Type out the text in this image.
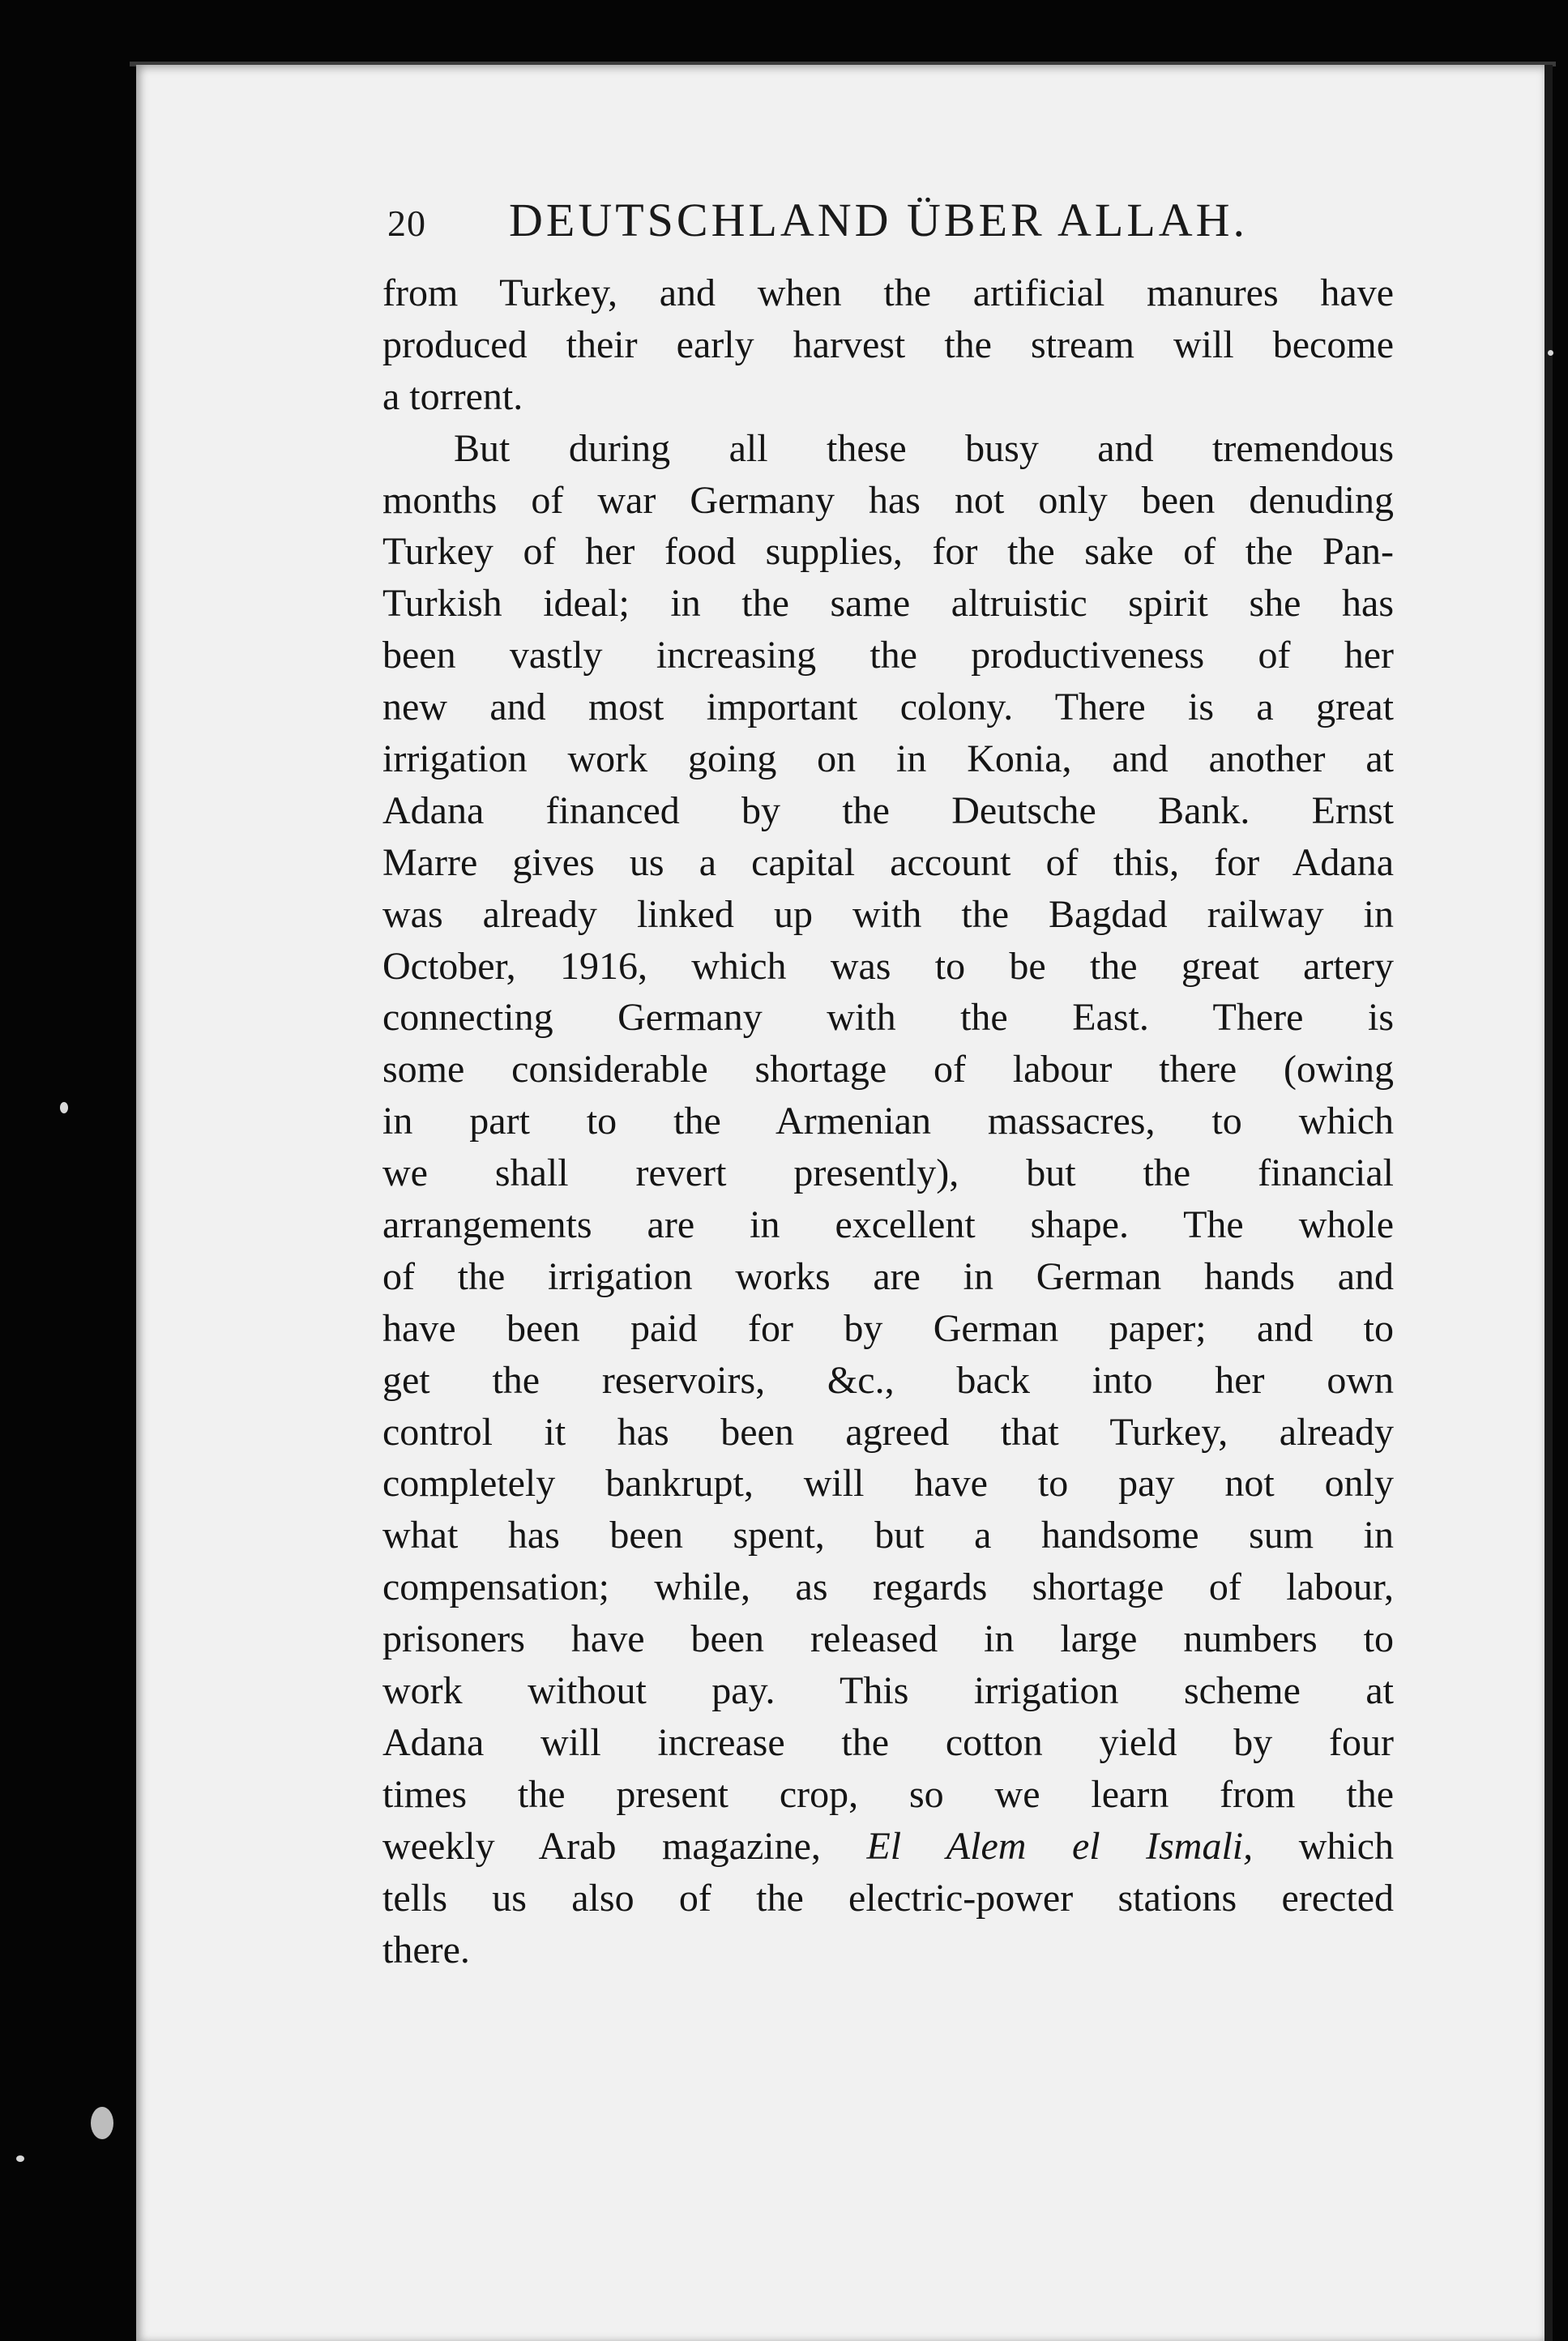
20 DEUTSCHLAND ÜBER ALLAH.
from Turkey, and when the artificial manures have
produced their early harvest the stream will become
a torrent.
But during all these busy and tremendous
months of war Germany has not only been denuding
Turkey of her food supplies, for the sake of the Pan-
Turkish ideal; in the same altruistic spirit she has
been vastly increasing the productiveness of her
new and most important colony. There is a great
irrigation work going on in Konia, and another at
Adana financed by the Deutsche Bank. Ernst
Marre gives us a capital account of this, for Adana
was already linked up with the Bagdad railway in
October, 1916, which was to be the great artery
connecting Germany with the East. There is
some considerable shortage of labour there (owing
in part to the Armenian massacres, to which
we shall revert presently), but the financial
arrangements are in excellent shape. The whole
of the irrigation works are in German hands and
have been paid for by German paper; and to
get the reservoirs, &c., back into her own
control it has been agreed that Turkey, already
completely bankrupt, will have to pay not only
what has been spent, but a handsome sum in
compensation; while, as regards shortage of labour,
prisoners have been released in large numbers to
work without pay. This irrigation scheme at
Adana will increase the cotton yield by four
times the present crop, so we learn from the
weekly Arab magazine, El Alem el Ismali, which
tells us also of the electric-power stations erected
there.
